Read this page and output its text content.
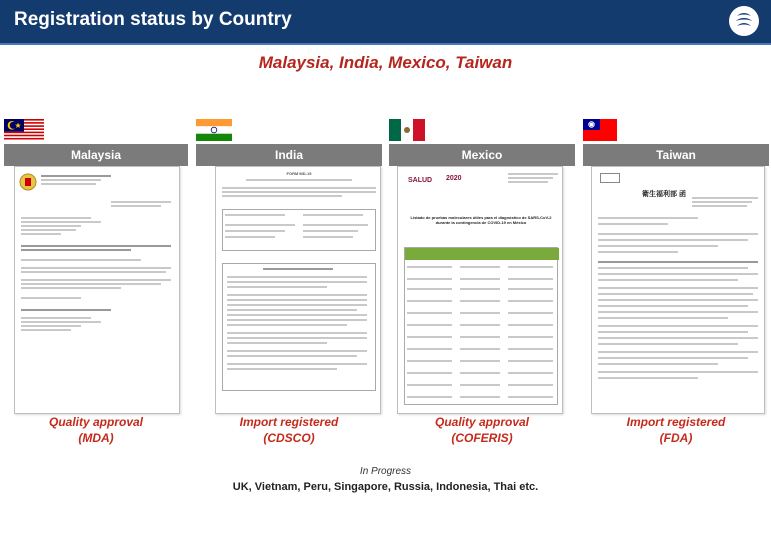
Registration status by Country
Malaysia, India, Mexico, Taiwan
Malaysia	India	Mexico	Taiwan
FORM MD-15
SALUD 2020
Listado de pruebas moleculares útiles para el diagnóstico de SARS-CoV-2 durante la contingencia de COVID-19 en México
衛生福利部 函
Quality approval
(MDA)
Import registered
(CDSCO)
Quality approval
(COFERIS)
Import registered
(FDA)
In Progress
UK, Vietnam, Peru, Singapore, Russia, Indonesia, Thai etc.
